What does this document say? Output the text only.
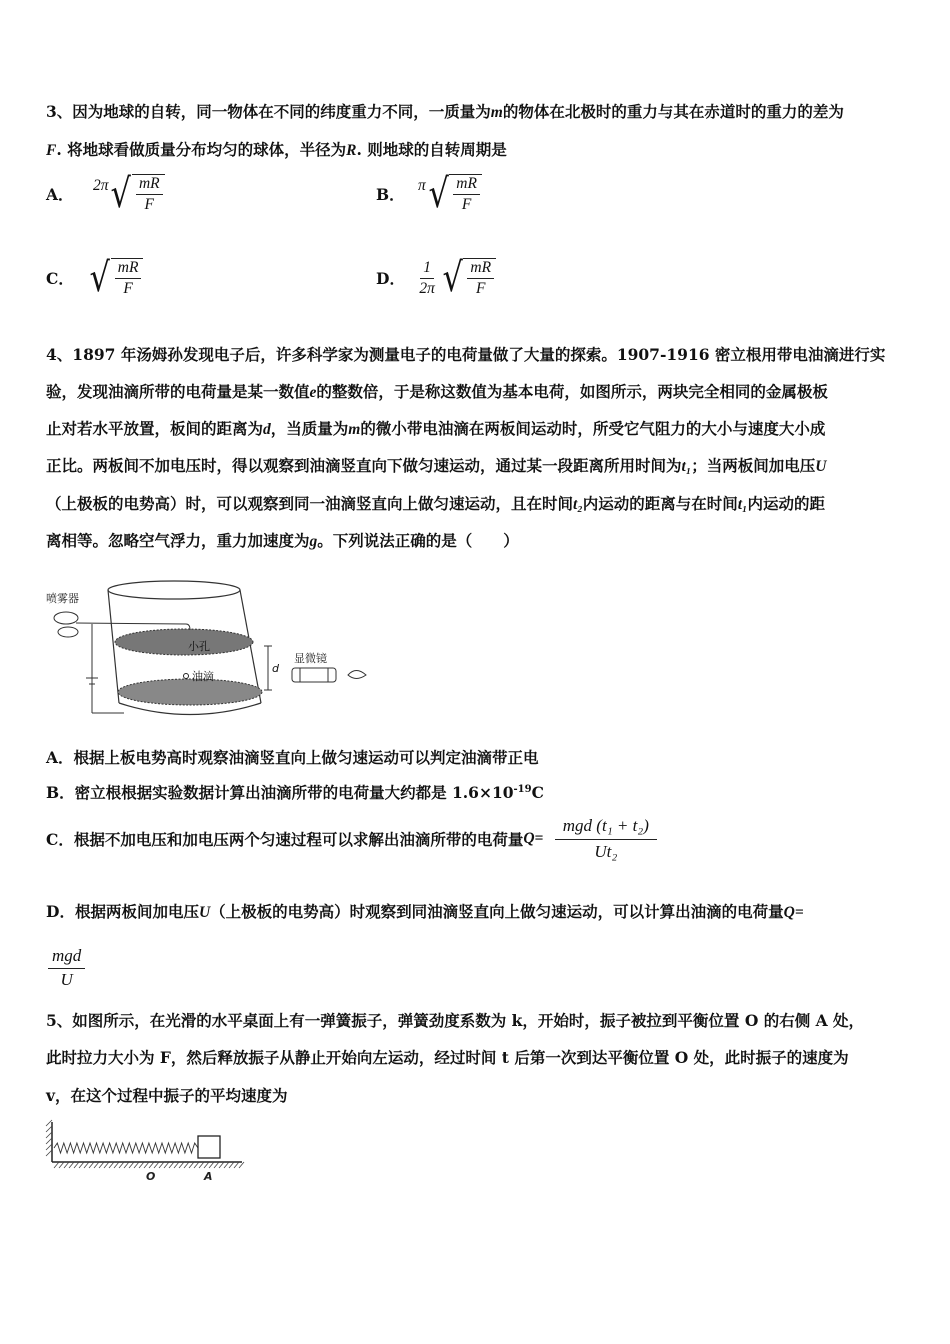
3、因为地球的自转，同一物体在不同的纬度重力不同，一质量为m的物体在北极时的重力与其在赤道时的重力的差为
F. 将地球看做质量分布均匀的球体，半径为R. 则地球的自转周期是
A． 2π √ $\frac{mR}{F}$	B． π √ $\frac{mR}{F}$
C． √ $\frac{mR}{F}$	D． $\frac{1}{2\pi}$ √ $\frac{mR}{F}$
4、1897 年汤姆孙发现电子后，许多科学家为测量电子的电荷量做了大量的探索。1907-1916 密立根用带电油滴进行实
验，发现油滴所带的电荷量是某一数值e的整数倍，于是称这数值为基本电荷，如图所示，两块完全相同的金属极板
止对若水平放置，板间的距离为d，当质量为m的微小带电油滴在两板间运动时，所受它气阻力的大小与速度大小成
正比。两板间不加电压时，得以观察到油滴竖直向下做匀速运动，通过某一段距离所用时间为t₁；当两板间加电压U
（上极板的电势高）时，可以观察到同一油滴竖直向上做匀速运动，且在时间t₂内运动的距离与在时间t₁内运动的距
离相等。忽略空气浮力，重力加速度为g。下列说法正确的是（　　）
喷雾器
小孔
油滴
d
显微镜
A．根据上板电势高时观察油滴竖直向上做匀速运动可以判定油滴带正电
B．密立根根据实验数据计算出油滴所带的电荷量大约都是 $1.6\times 10^{-19}C$
C．根据不加电压和加电压两个匀速过程可以求解出油滴所带的电荷量$Q= \frac{\text{mgd (t₁ + t₂)}}{\text{Ut₂}}$
D．根据两板间加电压U（上极板的电势高）时观察到同油滴竖直向上做匀速运动，可以计算出油滴的电荷量Q=
$\frac{\text{mgd}}{U}$
5、如图所示，在光滑的水平桌面上有一弹簧振子，弹簧劲度系数为 k，开始时，振子被拉到平衡位置 O 的右侧 A 处，
此时拉力大小为 F，然后释放振子从静止开始向左运动，经过时间 t 后第一次到达平衡位置 O 处，此时振子的速度为
v，在这个过程中振子的平均速度为
O	A
